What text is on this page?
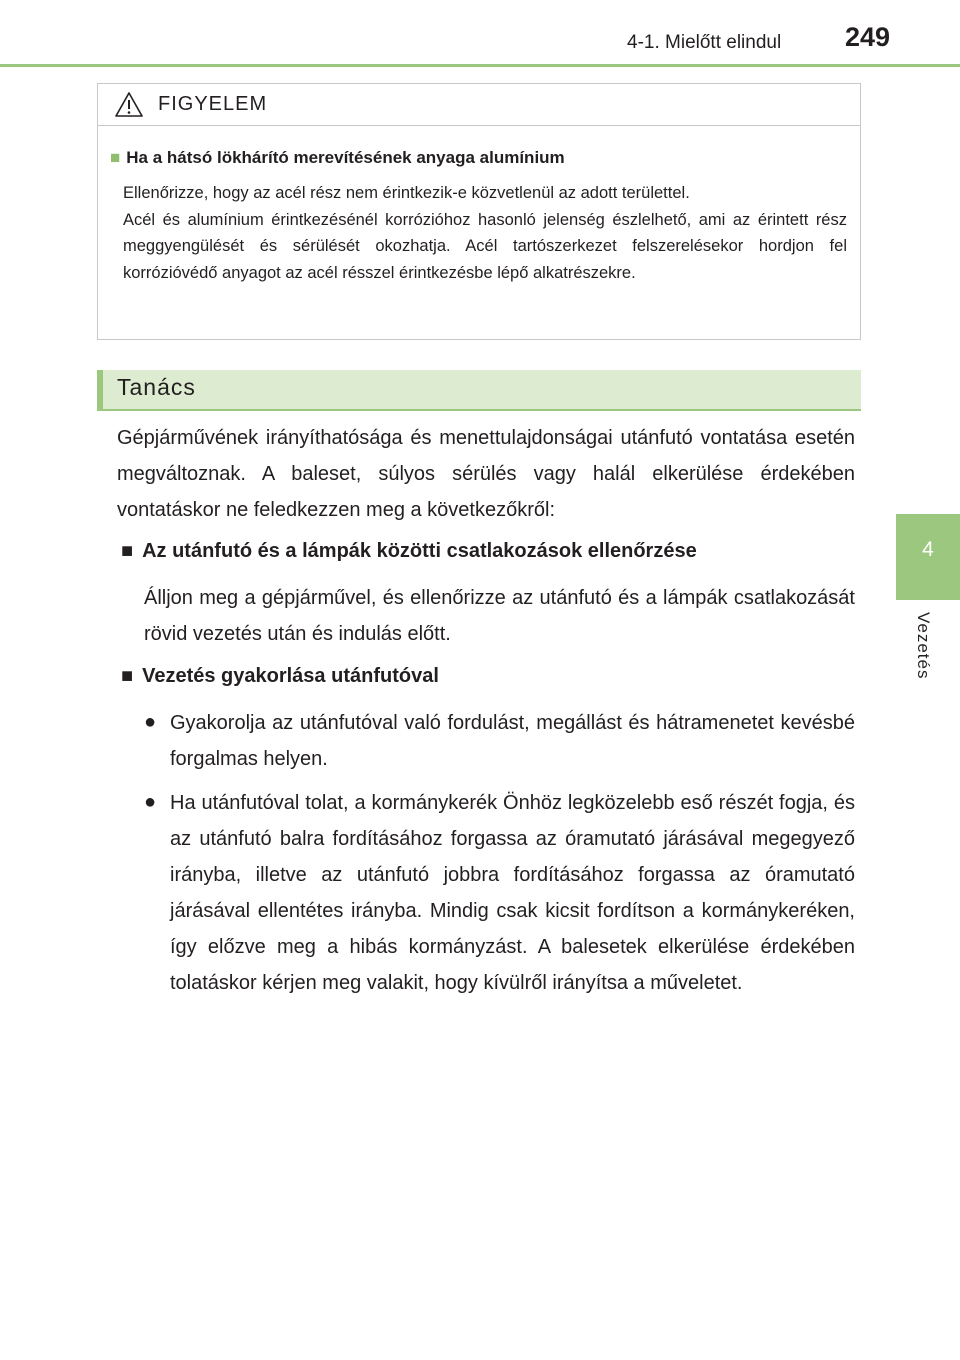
4-1. Mielőtt elindul 249
4
Vezetés
FIGYELEM
■ Ha a hátsó lökhárító merevítésének anyaga alumínium

Ellenőrizze, hogy az acél rész nem érintkezik-e közvetlenül az adott területtel.

Acél és alumínium érintkezésénél korrózióhoz hasonló jelenség észlelhető, ami az érintett rész meggyengülését és sérülését okozhatja. Acél tartószerkezet felszerelésekor hordjon fel korrózióvédő anyagot az acél résszel érintkezésbe lépő alkatrészekre.

Tanács

Gépjárművének irányíthatósága és menettulajdonságai utánfutó vontatása esetén megváltoznak. A baleset, súlyos sérülés vagy halál elkerülése érdekében vontatáskor ne feledkezzen meg a következőkről:

■ Az utánfutó és a lámpák közötti csatlakozások ellenőrzése

Álljon meg a gépjárművel, és ellenőrizze az utánfutó és a lámpák csatlakozását rövid vezetés után és indulás előtt.

■ Vezetés gyakorlása utánfutóval
● Gyakorolja az utánfutóval való fordulást, megállást és hátramenetet kevésbé forgalmas helyen.

● Ha utánfutóval tolat, a kormánykerék Önhöz legközelebb eső részét fogja, és az utánfutó balra fordításához forgassa az óramutató járásával megegyező irányba, illetve az utánfutó jobbra fordításához forgassa az óramutató járásával ellentétes irányba. Mindig csak kicsit fordítson a kormánykeréken, így előzve meg a hibás kormányzást. A balesetek elkerülése érdekében tolatáskor kérjen meg valakit, hogy kívülről irányítsa a műveletet.
